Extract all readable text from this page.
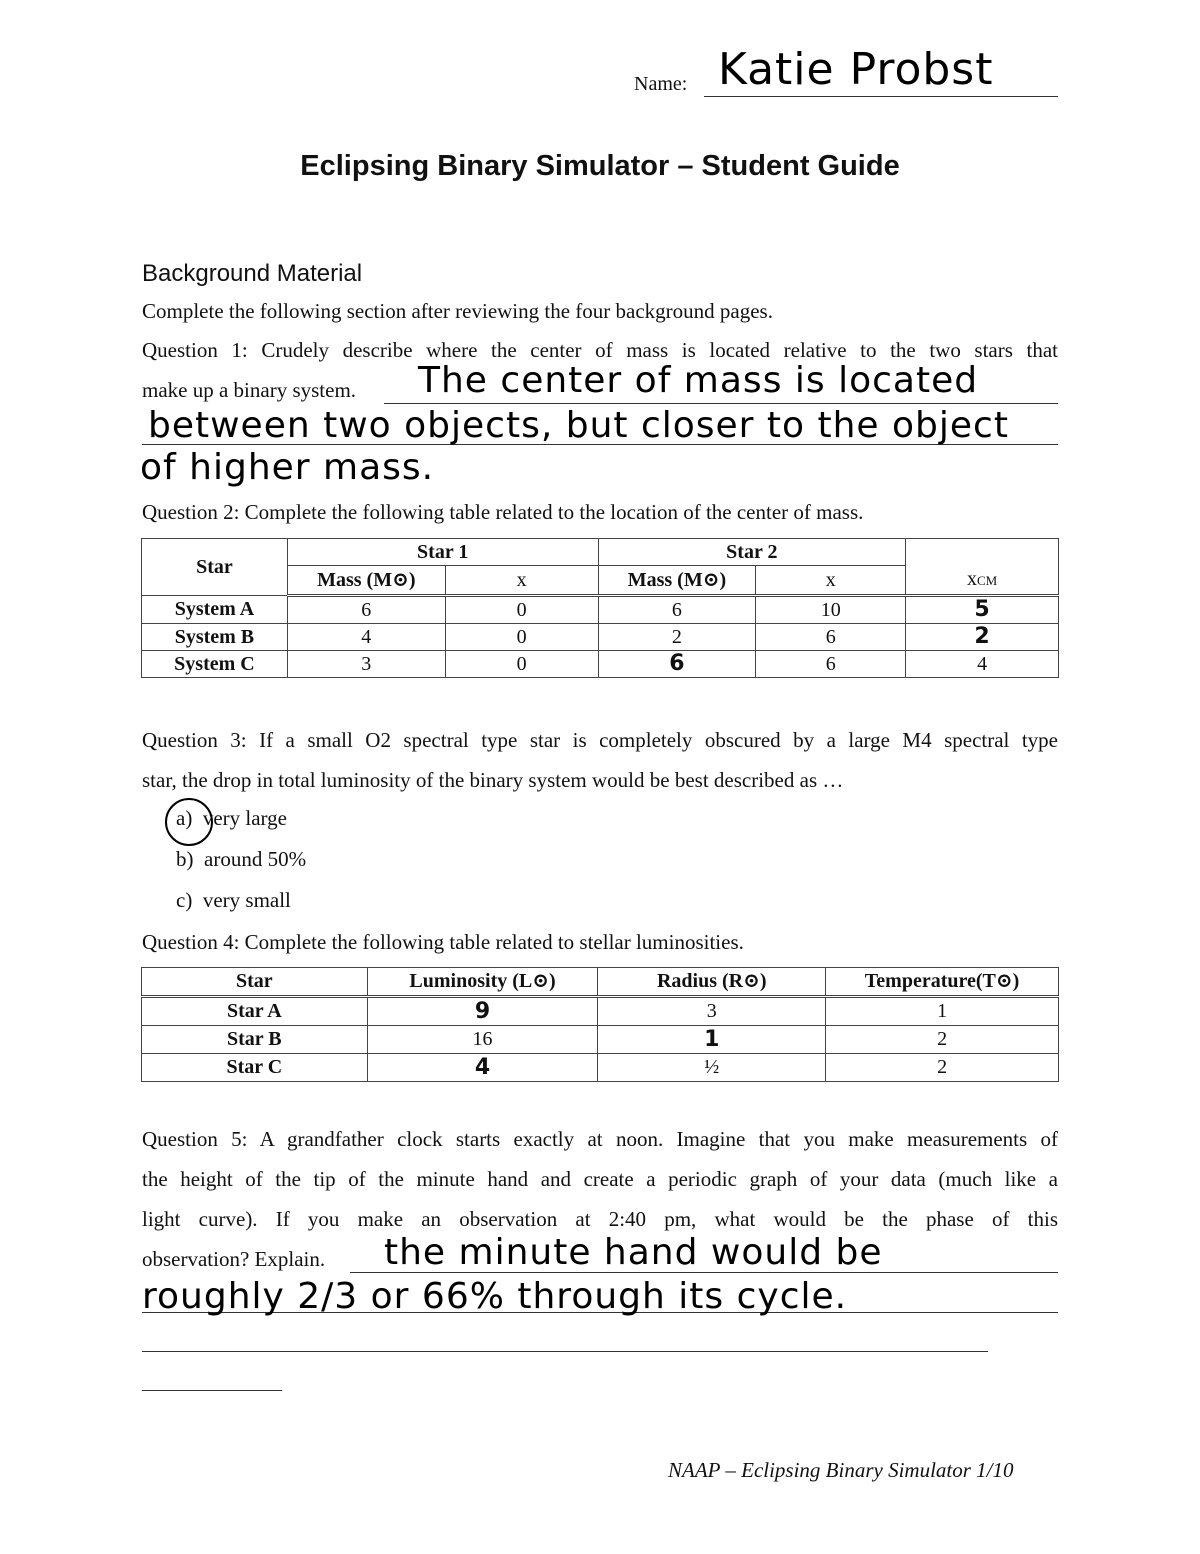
Name: Katie Probst
Eclipsing Binary Simulator – Student Guide
Background Material
Complete the following section after reviewing the four background pages.
Question 1: Crudely describe where the center of mass is located relative to the two stars that
make up a binary system. The center of mass is located
between two objects, but closer to the object
of higher mass.
Question 2: Complete the following table related to the location of the center of mass.
Star	Star 1		Star 2		
	Mass (M⊙)	x	Mass (M⊙)	x	xCM
System A	6	0	6	10	5
System B	4	0	2	6	2
System C	3	0	6	6	4
Question 3: If a small O2 spectral type star is completely obscured by a large M4 spectral type
star, the drop in total luminosity of the binary system would be best described as …
a) very large
b) around 50%
c) very small
Question 4: Complete the following table related to stellar luminosities.
Star	Luminosity (L⊙)	Radius (R⊙)	Temperature(T⊙)
Star A	9	3	1
Star B	16	1	2
Star C	4	½	2
Question 5: A grandfather clock starts exactly at noon. Imagine that you make measurements of
the height of the tip of the minute hand and create a periodic graph of your data (much like a
light curve). If you make an observation at 2:40 pm, what would be the phase of this
observation? Explain. the minute hand would be
roughly 2/3 or 66% through its cycle.
NAAP – Eclipsing Binary Simulator 1/10
